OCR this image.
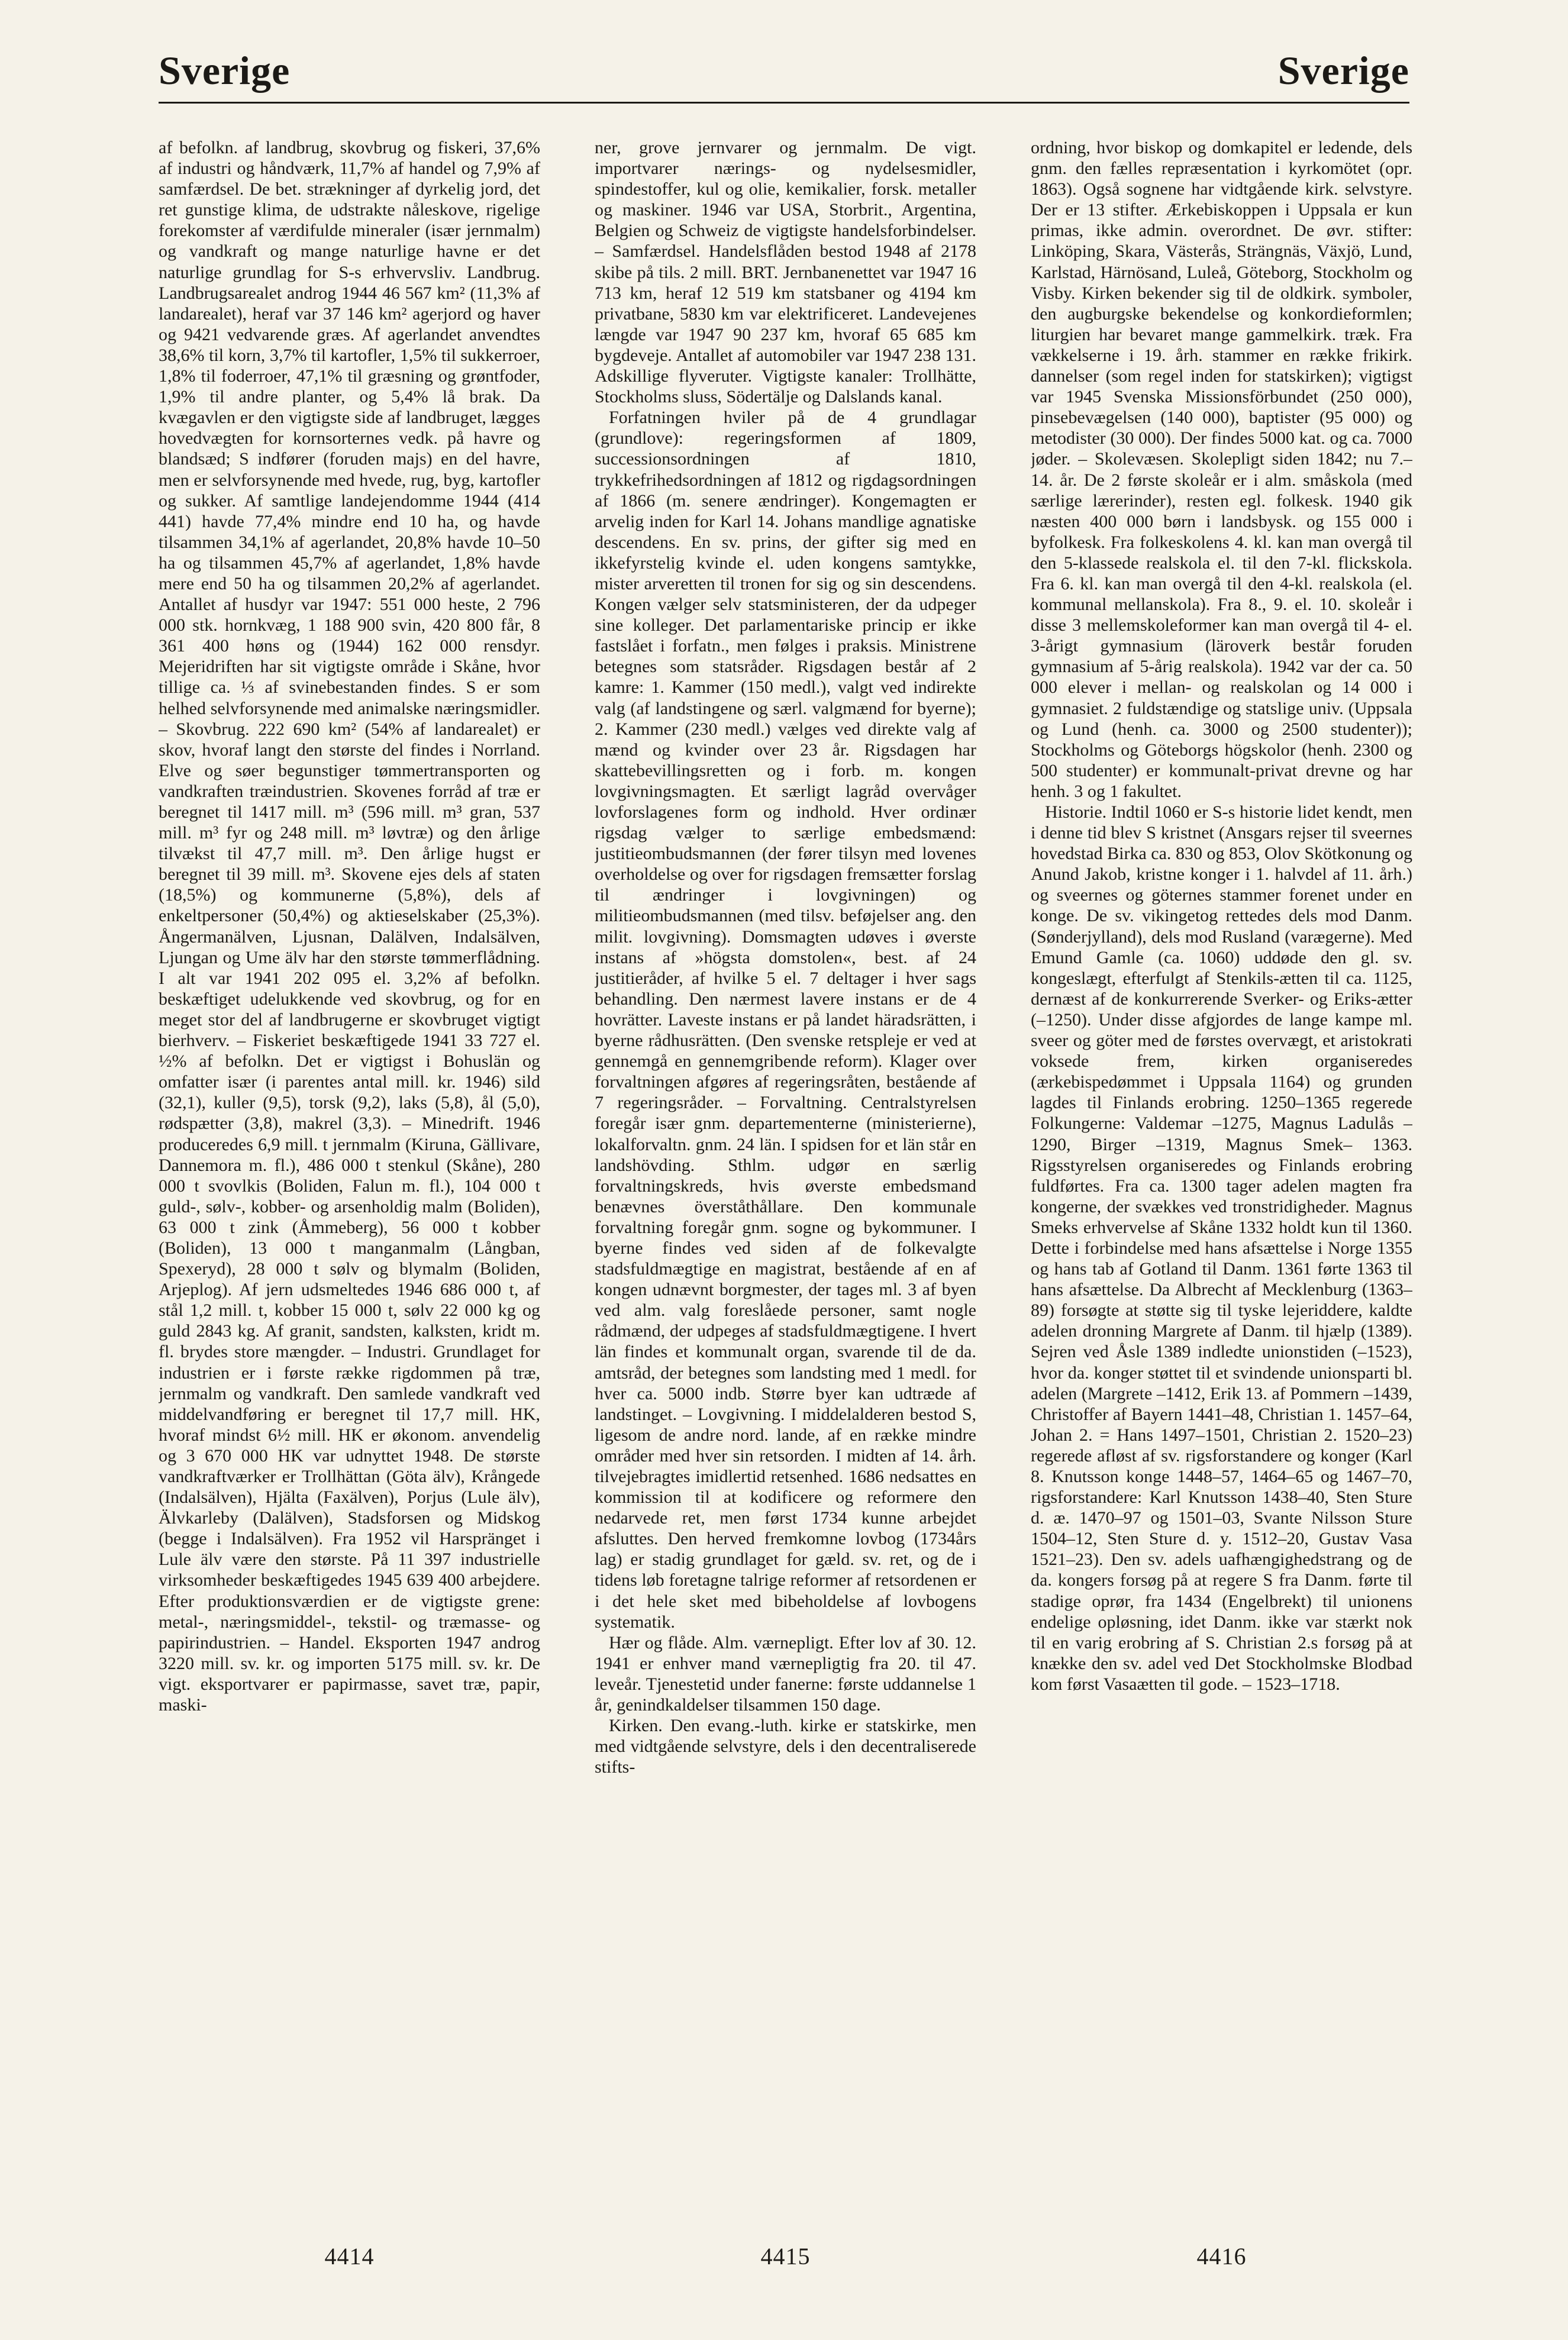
Sverige	Sverige

af befolkn. af landbrug, skovbrug og fiskeri, 37,6% af industri og håndværk, 11,7% af handel og 7,9% af samfærdsel. De bet. strækninger af dyrkelig jord, det ret gunstige klima, de udstrakte nåleskove, rigelige forekomster af værdifulde mineraler (især jernmalm) og vandkraft og mange naturlige havne er det naturlige grundlag for S-s erhvervsliv. Landbrug. Landbrugsarealet androg 1944 46 567 km² (11,3% af landarealet), heraf var 37 146 km² agerjord og haver og 9421 vedvarende græs. Af agerlandet anvendtes 38,6% til korn, 3,7% til kartofler, 1,5% til sukkerroer, 1,8% til foderroer, 47,1% til græsning og grøntfoder, 1,9% til andre planter, og 5,4% lå brak. Da kvægavlen er den vigtigste side af landbruget, lægges hovedvægten for kornsorternes vedk. på havre og blandsæd; S indfører (foruden majs) en del havre, men er selvforsynende med hvede, rug, byg, kartofler og sukker. Af samtlige landejendomme 1944 (414 441) havde 77,4% mindre end 10 ha, og havde tilsammen 34,1% af agerlandet, 20,8% havde 10–50 ha og tilsammen 45,7% af agerlandet, 1,8% havde mere end 50 ha og tilsammen 20,2% af agerlandet. Antallet af husdyr var 1947: 551 000 heste, 2 796 000 stk. hornkvæg, 1 188 900 svin, 420 800 får, 8 361 400 høns og (1944) 162 000 rensdyr. Mejeridriften har sit vigtigste område i Skåne, hvor tillige ca. ⅓ af svinebestanden findes. S er som helhed selvforsynende med animalske næringsmidler. – Skovbrug. 222 690 km² (54% af landarealet) er skov, hvoraf langt den største del findes i Norrland. Elve og søer begunstiger tømmertransporten og vandkraften træindustrien. Skovenes forråd af træ er beregnet til 1417 mill. m³ (596 mill. m³ gran, 537 mill. m³ fyr og 248 mill. m³ løvtræ) og den årlige tilvækst til 47,7 mill. m³. Den årlige hugst er beregnet til 39 mill. m³. Skovene ejes dels af staten (18,5%) og kommunerne (5,8%), dels af enkeltpersoner (50,4%) og aktieselskaber (25,3%). Ångermanälven, Ljusnan, Dalälven, Indalsälven, Ljungan og Ume älv har den største tømmerflådning. I alt var 1941 202 095 el. 3,2% af befolkn. beskæftiget udelukkende ved skovbrug, og for en meget stor del af landbrugerne er skovbruget vigtigt bierhverv. – Fiskeriet beskæftigede 1941 33 727 el. ½% af befolkn. Det er vigtigst i Bohuslän og omfatter især (i parentes antal mill. kr. 1946) sild (32,1), kuller (9,5), torsk (9,2), laks (5,8), ål (5,0), rødspætter (3,8), makrel (3,3). – Minedrift. 1946 produceredes 6,9 mill. t jernmalm (Kiruna, Gällivare, Dannemora m. fl.), 486 000 t stenkul (Skåne), 280 000 t svovlkis (Boliden, Falun m. fl.), 104 000 t guld-, sølv-, kobber- og arsenholdig malm (Boliden), 63 000 t zink (Åmmeberg), 56 000 t kobber (Boliden), 13 000 t manganmalm (Långban, Spexeryd), 28 000 t sølv og blymalm (Boliden, Arjeplog). Af jern udsmeltedes 1946 686 000 t, af stål 1,2 mill. t, kobber 15 000 t, sølv 22 000 kg og guld 2843 kg. Af granit, sandsten, kalksten, kridt m. fl. brydes store mængder. – Industri. Grundlaget for industrien er i første række rigdommen på træ, jernmalm og vandkraft. Den samlede vandkraft ved middelvandføring er beregnet til 17,7 mill. HK, hvoraf mindst 6½ mill. HK er økonom. anvendelig og 3 670 000 HK var udnyttet 1948. De største vandkraftværker er Trollhättan (Göta älv), Krångede (Indalsälven), Hjälta (Faxälven), Porjus (Lule älv), Älvkarleby (Dalälven), Stadsforsen og Midskog (begge i Indalsälven). Fra 1952 vil Harspränget i Lule älv være den største. På 11 397 industrielle virksomheder beskæftigedes 1945 639 400 arbejdere. Efter produktionsværdien er de vigtigste grene: metal-, næringsmiddel-, tekstil- og træmasse- og papirindustrien. – Handel. Eksporten 1947 androg 3220 mill. sv. kr. og importen 5175 mill. sv. kr. De vigt. eksportvarer er papirmasse, savet træ, papir, maski-

ner, grove jernvarer og jernmalm. De vigt. importvarer nærings- og nydelsesmidler, spindestoffer, kul og olie, kemikalier, forsk. metaller og maskiner. 1946 var USA, Storbrit., Argentina, Belgien og Schweiz de vigtigste handelsforbindelser. – Samfærdsel. Handelsflåden bestod 1948 af 2178 skibe på tils. 2 mill. BRT. Jernbanenettet var 1947 16 713 km, heraf 12 519 km statsbaner og 4194 km privatbane, 5830 km var elektrificeret. Landevejenes længde var 1947 90 237 km, hvoraf 65 685 km bygdeveje. Antallet af automobiler var 1947 238 131. Adskillige flyveruter. Vigtigste kanaler: Trollhätte, Stockholms sluss, Södertälje og Dalslands kanal.

Forfatningen hviler på de 4 grundlagar (grundlove): regeringsformen af 1809, successionsordningen af 1810, trykkefrihedsordningen af 1812 og rigdagsordningen af 1866 (m. senere ændringer). Kongemagten er arvelig inden for Karl 14. Johans mandlige agnatiske descendens. En sv. prins, der gifter sig med en ikkefyrstelig kvinde el. uden kongens samtykke, mister arveretten til tronen for sig og sin descendens. Kongen vælger selv statsministeren, der da udpeger sine kolleger. Det parlamentariske princip er ikke fastslået i forfatn., men følges i praksis. Ministrene betegnes som statsråder. Rigsdagen består af 2 kamre: 1. Kammer (150 medl.), valgt ved indirekte valg (af landstingene og særl. valgmænd for byerne); 2. Kammer (230 medl.) vælges ved direkte valg af mænd og kvinder over 23 år. Rigsdagen har skattebevillingsretten og i forb. m. kongen lovgivningsmagten. Et særligt lagråd overvåger lovforslagenes form og indhold. Hver ordinær rigsdag vælger to særlige embedsmænd: justitieombudsmannen (der fører tilsyn med lovenes overholdelse og over for rigsdagen fremsætter forslag til ændringer i lovgivningen) og militieombudsmannen (med tilsv. beføjelser ang. den milit. lovgivning). Domsmagten udøves i øverste instans af »högsta domstolen«, best. af 24 justitieråder, af hvilke 5 el. 7 deltager i hver sags behandling. Den nærmest lavere instans er de 4 hovrätter. Laveste instans er på landet häradsrätten, i byerne rådhusrätten. (Den svenske retspleje er ved at gennemgå en gennemgribende reform). Klager over forvaltningen afgøres af regeringsråten, bestående af 7 regeringsråder. – Forvaltning. Centralstyrelsen foregår især gnm. departementerne (ministerierne), lokalforvaltn. gnm. 24 län. I spidsen for et län står en landshövding. Sthlm. udgør en særlig forvaltningskreds, hvis øverste embedsmand benævnes överståthållare. Den kommunale forvaltning foregår gnm. sogne og bykommuner. I byerne findes ved siden af de folkevalgte stadsfuldmægtige en magistrat, bestående af en af kongen udnævnt borgmester, der tages ml. 3 af byen ved alm. valg foreslåede personer, samt nogle rådmænd, der udpeges af stadsfuldmægtigene. I hvert län findes et kommunalt organ, svarende til de da. amtsråd, der betegnes som landsting med 1 medl. for hver ca. 5000 indb. Større byer kan udtræde af landstinget. – Lovgivning. I middelalderen bestod S, ligesom de andre nord. lande, af en række mindre områder med hver sin retsorden. I midten af 14. årh. tilvejebragtes imidlertid retsenhed. 1686 nedsattes en kommission til at kodificere og reformere den nedarvede ret, men først 1734 kunne arbejdet afsluttes. Den herved fremkomne lovbog (1734års lag) er stadig grundlaget for gæld. sv. ret, og de i tidens løb foretagne talrige reformer af retsordenen er i det hele sket med bibeholdelse af lovbogens systematik.

Hær og flåde. Alm. værnepligt. Efter lov af 30. 12. 1941 er enhver mand værnepligtig fra 20. til 47. leveår. Tjenestetid under fanerne: første uddannelse 1 år, genindkaldelser tilsammen 150 dage.

Kirken. Den evang.-luth. kirke er statskirke, men med vidtgående selvstyre, dels i den decentraliserede stifts-

ordning, hvor biskop og domkapitel er ledende, dels gnm. den fælles repræsentation i kyrkomötet (opr. 1863). Også sognene har vidtgående kirk. selvstyre. Der er 13 stifter. Ærkebiskoppen i Uppsala er kun primas, ikke admin. overordnet. De øvr. stifter: Linköping, Skara, Västerås, Strängnäs, Växjö, Lund, Karlstad, Härnösand, Luleå, Göteborg, Stockholm og Visby. Kirken bekender sig til de oldkirk. symboler, den augburgske bekendelse og konkordieformlen; liturgien har bevaret mange gammelkirk. træk. Fra vækkelserne i 19. årh. stammer en række frikirk. dannelser (som regel inden for statskirken); vigtigst var 1945 Svenska Missionsförbundet (250 000), pinsebevægelsen (140 000), baptister (95 000) og metodister (30 000). Der findes 5000 kat. og ca. 7000 jøder. – Skolevæsen. Skolepligt siden 1842; nu 7.–14. år. De 2 første skoleår er i alm. småskola (med særlige lærerinder), resten egl. folkesk. 1940 gik næsten 400 000 børn i landsbysk. og 155 000 i byfolkesk. Fra folkeskolens 4. kl. kan man overgå til den 5-klassede realskola el. til den 7-kl. flickskola. Fra 6. kl. kan man overgå til den 4-kl. realskola (el. kommunal mellanskola). Fra 8., 9. el. 10. skoleår i disse 3 mellemskoleformer kan man overgå til 4- el. 3-årigt gymnasium (läroverk består foruden gymnasium af 5-årig realskola). 1942 var der ca. 50 000 elever i mellan- og realskolan og 14 000 i gymnasiet. 2 fuldstændige og statslige univ. (Uppsala og Lund (henh. ca. 3000 og 2500 studenter)); Stockholms og Göteborgs högskolor (henh. 2300 og 500 studenter) er kommunalt-privat drevne og har henh. 3 og 1 fakultet.

Historie. Indtil 1060 er S-s historie lidet kendt, men i denne tid blev S kristnet (Ansgars rejser til sveernes hovedstad Birka ca. 830 og 853, Olov Skötkonung og Anund Jakob, kristne konger i 1. halvdel af 11. årh.) og sveernes og göternes stammer forenet under en konge. De sv. vikingetog rettedes dels mod Danm. (Sønderjylland), dels mod Rusland (varægerne). Med Emund Gamle (ca. 1060) uddøde den gl. sv. kongeslægt, efterfulgt af Stenkils-ætten til ca. 1125, dernæst af de konkurrerende Sverker- og Eriks-ætter (–1250). Under disse afgjordes de lange kampe ml. sveer og göter med de førstes overvægt, et aristokrati voksede frem, kirken organiseredes (ærkebispedømmet i Uppsala 1164) og grunden lagdes til Finlands erobring. 1250–1365 regerede Folkungerne: Valdemar –1275, Magnus Ladulås –1290, Birger –1319, Magnus Smek– 1363. Rigsstyrelsen organiseredes og Finlands erobring fuldførtes. Fra ca. 1300 tager adelen magten fra kongerne, der svækkes ved tronstridigheder. Magnus Smeks erhvervelse af Skåne 1332 holdt kun til 1360. Dette i forbindelse med hans afsættelse i Norge 1355 og hans tab af Gotland til Danm. 1361 førte 1363 til hans afsættelse. Da Albrecht af Mecklenburg (1363–89) forsøgte at støtte sig til tyske lejeriddere, kaldte adelen dronning Margrete af Danm. til hjælp (1389). Sejren ved Åsle 1389 indledte unionstiden (–1523), hvor da. konger støttet til et svindende unionsparti bl. adelen (Margrete –1412, Erik 13. af Pommern –1439, Christoffer af Bayern 1441–48, Christian 1. 1457–64, Johan 2. = Hans 1497–1501, Christian 2. 1520–23) regerede afløst af sv. rigsforstandere og konger (Karl 8. Knutsson konge 1448–57, 1464–65 og 1467–70, rigsforstandere: Karl Knutsson 1438–40, Sten Sture d. æ. 1470–97 og 1501–03, Svante Nilsson Sture 1504–12, Sten Sture d. y. 1512–20, Gustav Vasa 1521–23). Den sv. adels uafhængighedstrang og de da. kongers forsøg på at regere S fra Danm. førte til stadige oprør, fra 1434 (Engelbrekt) til unionens endelige opløsning, idet Danm. ikke var stærkt nok til en varig erobring af S. Christian 2.s forsøg på at knække den sv. adel ved Det Stockholmske Blodbad kom først Vasaætten til gode. – 1523–1718.

4414	4415	4416
